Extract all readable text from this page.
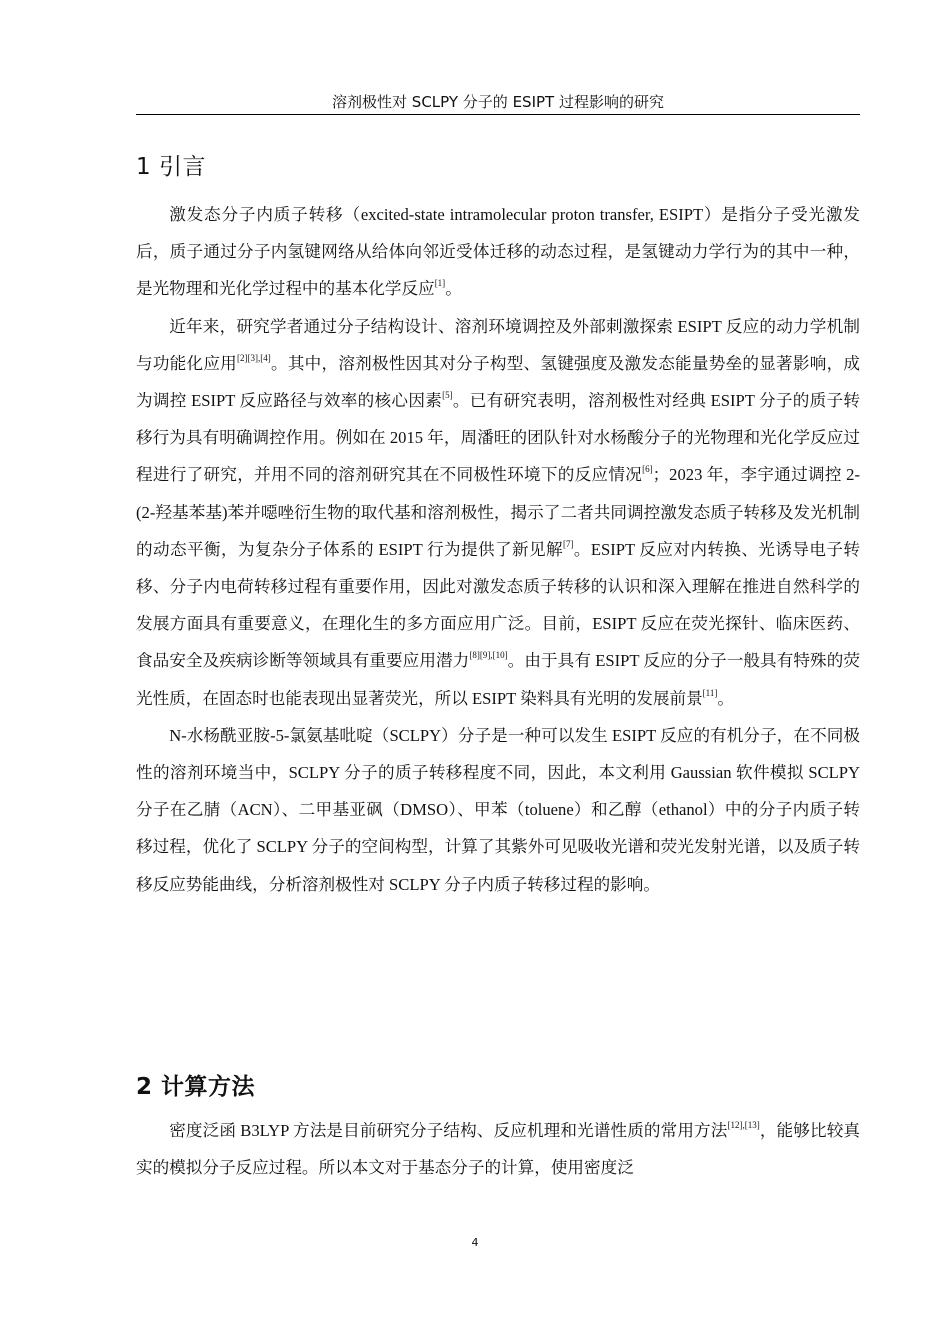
溶剂极性对 SCLPY 分子的 ESIPT 过程影响的研究
1 引言

激发态分子内质子转移（excited-state intramolecular proton transfer, ESIPT）是指分子受光激发后，质子通过分子内氢键网络从给体向邻近受体迁移的动态过程，是氢键动力学行为的其中一种，是光物理和光化学过程中的基本化学反应[1]。

近年来，研究学者通过分子结构设计、溶剂环境调控及外部刺激探索 ESIPT 反应的动力学机制与功能化应用[2][3],[4]。其中，溶剂极性因其对分子构型、氢键强度及激发态能量势垒的显著影响，成为调控 ESIPT 反应路径与效率的核心因素[5]。已有研究表明，溶剂极性对经典 ESIPT 分子的质子转移行为具有明确调控作用。例如在 2015 年，周潘旺的团队针对水杨酸分子的光物理和光化学反应过程进行了研究，并用不同的溶剂研究其在不同极性环境下的反应情况[6]；2023 年，李宇通过调控 2-(2-羟基苯基)苯并噁唑衍生物的取代基和溶剂极性，揭示了二者共同调控激发态质子转移及发光机制的动态平衡，为复杂分子体系的 ESIPT 行为提供了新见解[7]。ESIPT 反应对内转换、光诱导电子转移、分子内电荷转移过程有重要作用，因此对激发态质子转移的认识和深入理解在推进自然科学的发展方面具有重要意义，在理化生的多方面应用广泛。目前，ESIPT 反应在荧光探针、临床医药、食品安全及疾病诊断等领域具有重要应用潜力[8][9],[10]。由于具有 ESIPT 反应的分子一般具有特殊的荧光性质，在固态时也能表现出显著荧光，所以 ESIPT 染料具有光明的发展前景[11]。

N-水杨酰亚胺-5-氯氨基吡啶（SCLPY）分子是一种可以发生 ESIPT 反应的有机分子，在不同极性的溶剂环境当中，SCLPY 分子的质子转移程度不同，因此，本文利用 Gaussian 软件模拟 SCLPY 分子在乙腈（ACN）、二甲基亚砜（DMSO）、甲苯（toluene）和乙醇（ethanol）中的分子内质子转移过程，优化了 SCLPY 分子的空间构型，计算了其紫外可见吸收光谱和荧光发射光谱，以及质子转移反应势能曲线，分析溶剂极性对 SCLPY 分子内质子转移过程的影响。

2 计算方法

密度泛函 B3LYP 方法是目前研究分子结构、反应机理和光谱性质的常用方法[12],[13]，能够比较真实的模拟分子反应过程。所以本文对于基态分子的计算，使用密度泛

4
